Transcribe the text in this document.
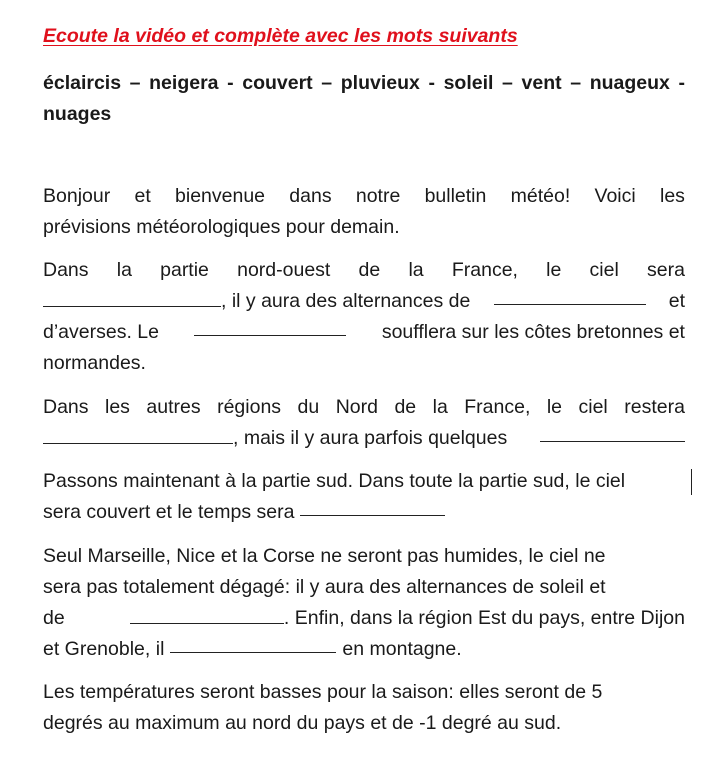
Ecoute la vidéo et complète avec les mots suivants
éclaircis – neigera - couvert – pluvieux - soleil – vent – nuageux - nuages
Bonjour et bienvenue dans notre bulletin météo! Voici les
prévisions météorologiques pour demain.
Dans la partie nord-ouest de la France, le ciel sera
, il y aura des alternances de	et
d’averses. Le	soufflera sur les côtes bretonnes et
normandes.
Dans les autres régions du Nord de la France, le ciel restera
, mais il y aura parfois quelques
Passons maintenant à la partie sud. Dans toute la partie sud, le ciel
sera couvert et le temps sera
Seul Marseille, Nice et la Corse ne seront pas humides, le ciel ne
sera pas totalement dégagé: il y aura des alternances de soleil et
de	. Enfin, dans la région Est du pays, entre Dijon
et Grenoble, il	en montagne.
Les températures seront basses pour la saison: elles seront de 5
degrés au maximum au nord du pays et de -1 degré au sud.
